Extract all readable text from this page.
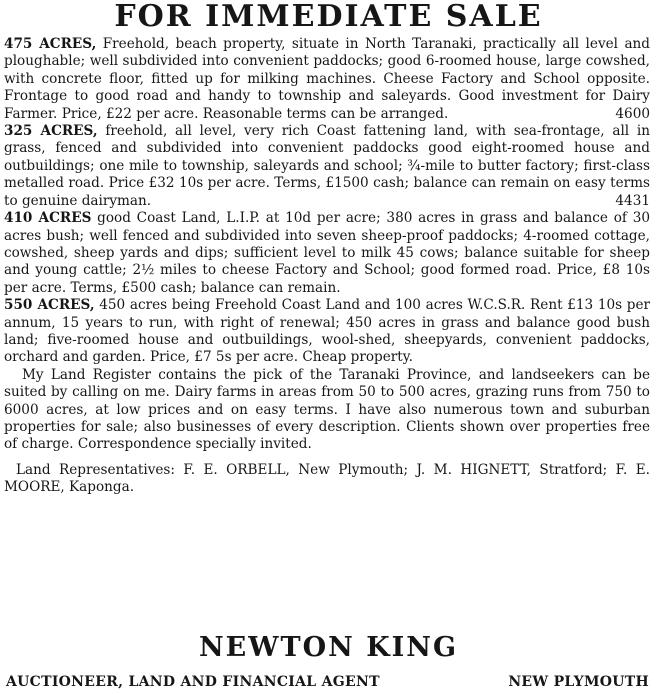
FOR IMMEDIATE SALE

475 ACRES, Freehold, beach property, situate in North Taranaki, practically all level and ploughable; well subdivided into convenient paddocks; good 6-roomed house, large cowshed, with concrete floor, fitted up for milking machines. Cheese Factory and School opposite. Frontage to good road and handy to township and saleyards. Good investment for Dairy Farmer. Price, £22 per acre. Reasonable terms can be arranged.	4600

325 ACRES, freehold, all level, very rich Coast fattening land, with sea-frontage, all in grass, fenced and subdivided into convenient paddocks good eight-roomed house and outbuildings; one mile to township, saleyards and school; ¾-mile to butter factory; first-class metalled road. Price £32 10s per acre. Terms, £1500 cash; balance can remain on easy terms to genuine dairyman.	4431

410 ACRES good Coast Land, L.I.P. at 10d per acre; 380 acres in grass and balance of 30 acres bush; well fenced and subdivided into seven sheep-proof paddocks; 4-roomed cottage, cowshed, sheep yards and dips; sufficient level to milk 45 cows; balance suitable for sheep and young cattle; 2½ miles to cheese Factory and School; good formed road. Price, £8 10s per acre. Terms, £500 cash; balance can remain.

550 ACRES, 450 acres being Freehold Coast Land and 100 acres W.C.S.R. Rent £13 10s per annum, 15 years to run, with right of renewal; 450 acres in grass and balance good bush land; five-roomed house and outbuildings, wool-shed, sheepyards, convenient paddocks, orchard and garden. Price, £7 5s per acre. Cheap property.

My Land Register contains the pick of the Taranaki Province, and landseekers can be suited by calling on me. Dairy farms in areas from 50 to 500 acres, grazing runs from 750 to 6000 acres, at low prices and on easy terms. I have also numerous town and suburban properties for sale; also businesses of every description. Clients shown over properties free of charge. Correspondence specially invited.

Land Representatives: F. E. ORBELL, New Plymouth; J. M. HIGNETT, Stratford; F. E. MOORE, Kaponga.

NEWTON KING
AUCTIONEER, LAND AND FINANCIAL AGENT	NEW PLYMOUTH
